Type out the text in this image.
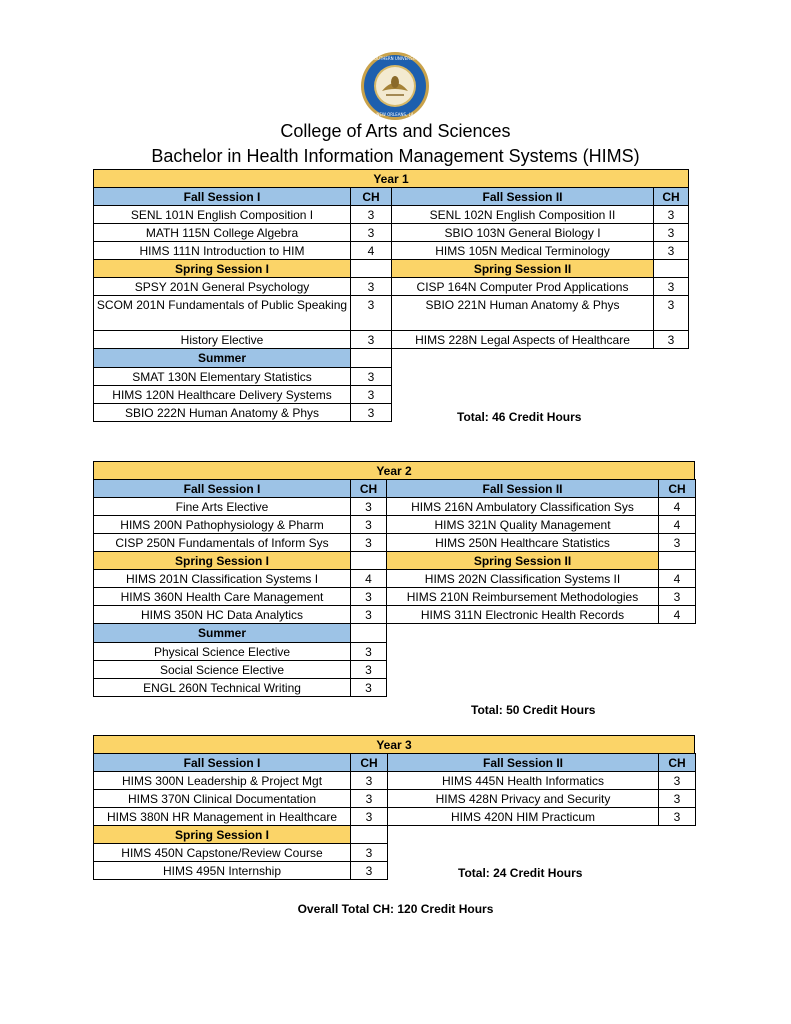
SOUTHERN UNIVERSITY
NEW ORLEANS, LA
College of Arts and Sciences
Bachelor in Health Information Management Systems (HIMS)
Year 1
Fall Session I	CH	Fall Session II	CH
SENL 101N English Composition I	3	SENL 102N English Composition II	3
MATH 115N College Algebra	3	SBIO 103N General Biology I	3
HIMS 111N Introduction to HIM	4	HIMS 105N Medical Terminology	3
Spring Session I	Spring Session II
SPSY 201N General Psychology	3	CISP 164N Computer Prod Applications	3
SCOM 201N Fundamentals of Public Speaking	3	SBIO 221N Human Anatomy & Phys	3
History Elective	3	HIMS 228N Legal Aspects of Healthcare	3
Summer
SMAT 130N Elementary Statistics	3
HIMS 120N Healthcare Delivery Systems	3
SBIO 222N Human Anatomy & Phys	3	Total: 46 Credit Hours
Year 2
Fall Session I	CH	Fall Session II	CH
Fine Arts Elective	3	HIMS 216N Ambulatory Classification Sys	4
HIMS 200N Pathophysiology & Pharm	3	HIMS 321N Quality Management	4
CISP 250N Fundamentals of Inform Sys	3	HIMS 250N Healthcare Statistics	3
Spring Session I	Spring Session II
HIMS 201N Classification Systems I	4	HIMS 202N Classification Systems II	4
HIMS 360N Health Care Management	3	HIMS 210N Reimbursement Methodologies	3
HIMS 350N HC Data Analytics	3	HIMS 311N Electronic Health Records	4
Summer
Physical Science Elective	3
Social Science Elective	3
ENGL 260N Technical Writing	3
Total: 50 Credit Hours
Year 3
Fall Session I	CH	Fall Session II	CH
HIMS 300N Leadership & Project Mgt	3	HIMS 445N Health Informatics	3
HIMS 370N Clinical Documentation	3	HIMS 428N Privacy and Security	3
HIMS 380N HR Management in Healthcare	3	HIMS 420N HIM Practicum	3
Spring Session I
HIMS 450N Capstone/Review Course	3
HIMS 495N Internship	3	Total: 24 Credit Hours
Overall Total CH: 120 Credit Hours
